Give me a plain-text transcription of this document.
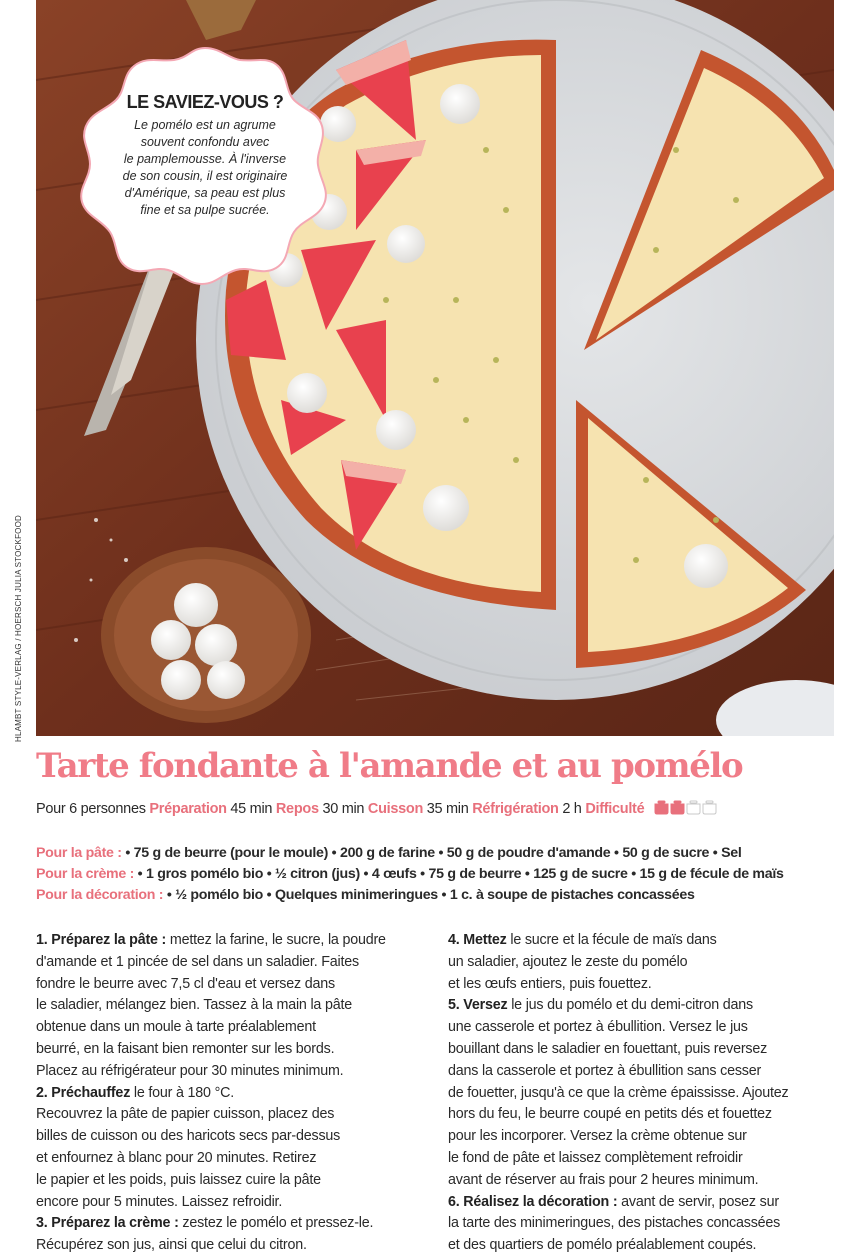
HLAMBT STYLE-VERLAG / HOERSCH JULIA STOCKFOOD
LE SAVIEZ-VOUS ?
Le pomélo est un agrume
souvent confondu avec
le pamplemousse. À l'inverse
de son cousin, il est originaire
d'Amérique, sa peau est plus
fine et sa pulpe sucrée.
Tarte fondante à l'amande et au pomélo
Pour 6 personnes Préparation 45 min Repos 30 min Cuisson 35 min Réfrigération 2 h Difficulté
Pour la pâte : • 75 g de beurre (pour le moule) • 200 g de farine • 50 g de poudre d'amande • 50 g de sucre • Sel
Pour la crème : • 1 gros pomélo bio • ½ citron (jus) • 4 œufs • 75 g de beurre • 125 g de sucre • 15 g de fécule de maïs
Pour la décoration : • ½ pomélo bio • Quelques minimeringues • 1 c. à soupe de pistaches concassées
1. Préparez la pâte : mettez la farine, le sucre, la poudre
d'amande et 1 pincée de sel dans un saladier. Faites
fondre le beurre avec 7,5 cl d'eau et versez dans
le saladier, mélangez bien. Tassez à la main la pâte
obtenue dans un moule à tarte préalablement
beurré, en la faisant bien remonter sur les bords.
Placez au réfrigérateur pour 30 minutes minimum.
2. Préchauffez le four à 180 °C.
Recouvrez la pâte de papier cuisson, placez des
billes de cuisson ou des haricots secs par-dessus
et enfournez à blanc pour 20 minutes. Retirez
le papier et les poids, puis laissez cuire la pâte
encore pour 5 minutes. Laissez refroidir.
3. Préparez la crème : zestez le pomélo et pressez-le.
Récupérez son jus, ainsi que celui du citron.
4. Mettez le sucre et la fécule de maïs dans
un saladier, ajoutez le zeste du pomélo
et les œufs entiers, puis fouettez.
5. Versez le jus du pomélo et du demi-citron dans
une casserole et portez à ébullition. Versez le jus
bouillant dans le saladier en fouettant, puis reversez
dans la casserole et portez à ébullition sans cesser
de fouetter, jusqu'à ce que la crème épaississe. Ajoutez
hors du feu, le beurre coupé en petits dés et fouettez
pour les incorporer. Versez la crème obtenue sur
le fond de pâte et laissez complètement refroidir
avant de réserver au frais pour 2 heures minimum.
6. Réalisez la décoration : avant de servir, posez sur
la tarte des minimeringues, des pistaches concassées
et des quartiers de pomélo préalablement coupés.
